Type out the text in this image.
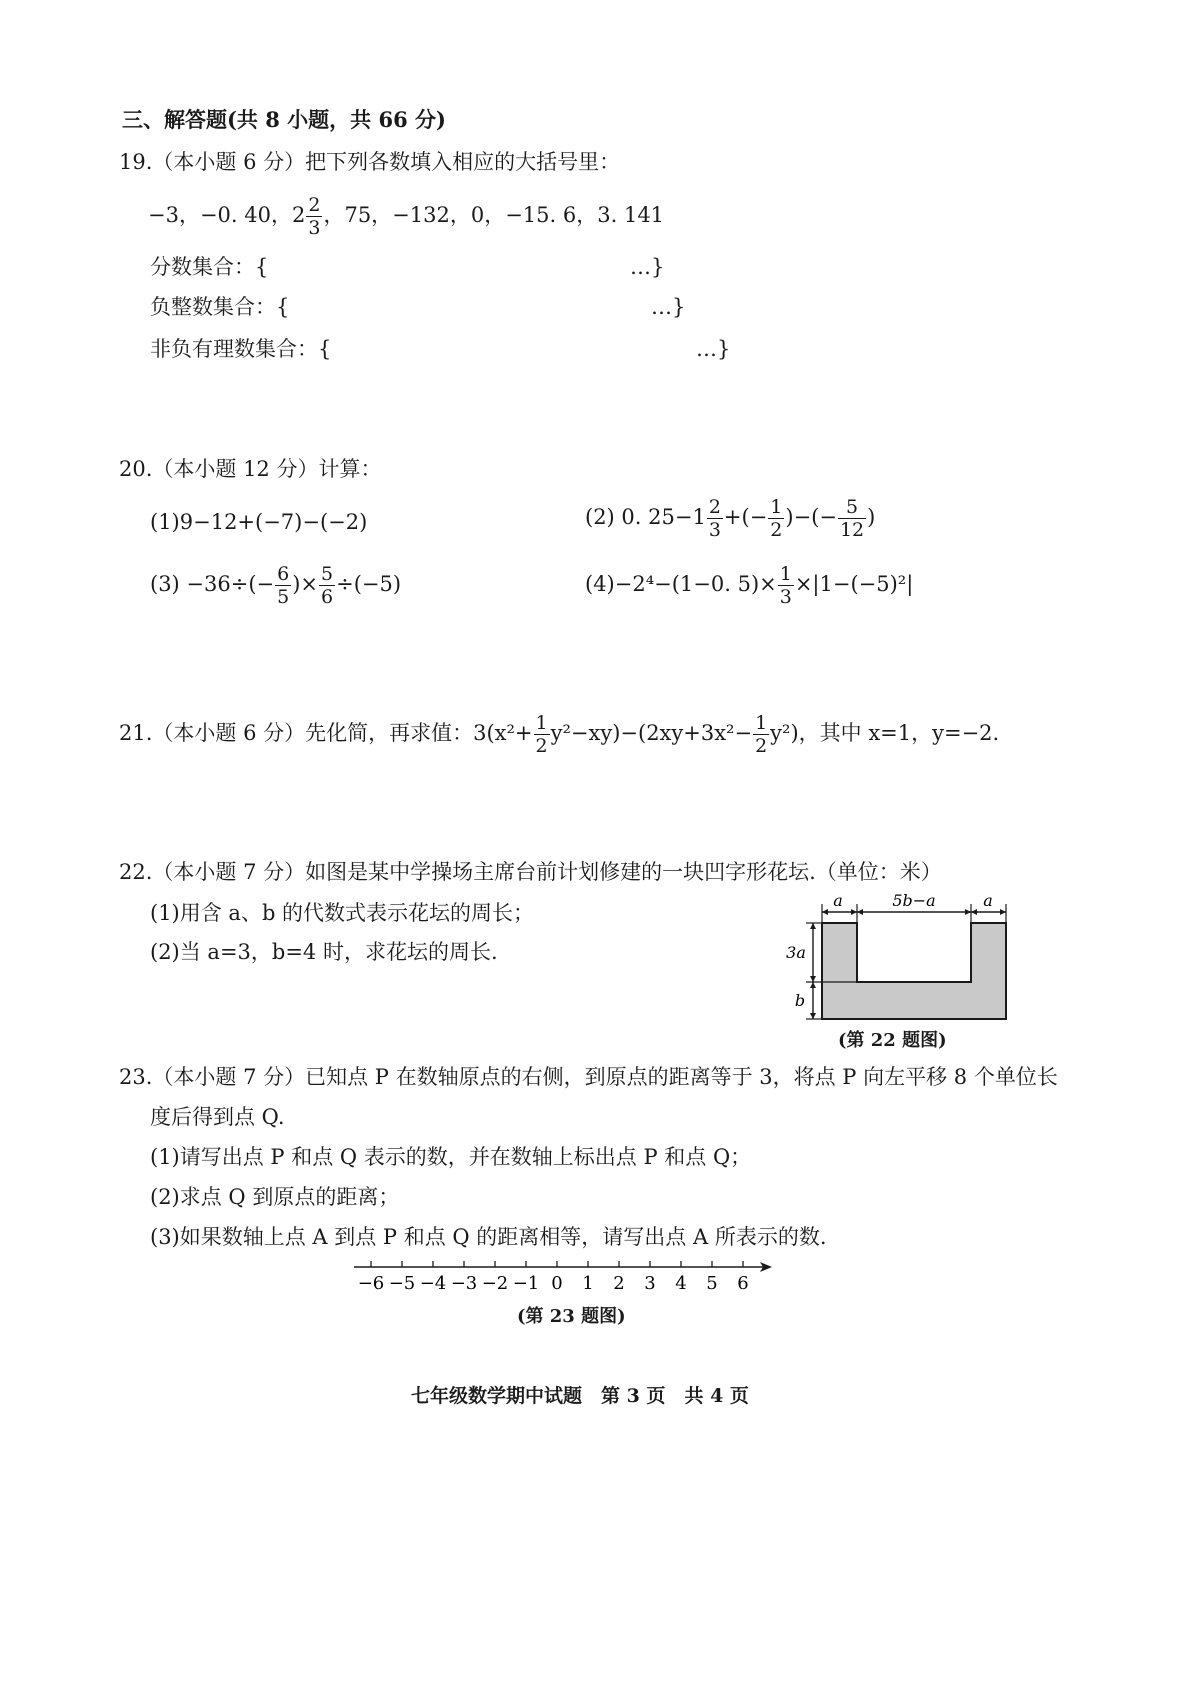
三、解答题(共 8 小题，共 66 分)
19.（本小题 6 分）把下列各数填入相应的大括号里：
−3，−0. 40，$2 \frac{2}{3}$ ，75，−132，0，−15. 6，3. 141
分数集合：{	…}
负整数集合：{	…}
非负有理数集合：{	…}
20.（本小题 12 分）计算：
(1)9−12+(−7)−(−2)	(2) 0. $25-1 \frac{2}{3}$ +(− $\frac{1}{2}$ )−(− $\frac{5}{12}$ )
$(3) -36\div(- \frac{6}{5}$ )× $\frac{5}{6} \div(-5)$	(4)−2⁴−(1−0. $5)\times \frac{1}{3} \times|1-(-5)^2|$
21.（本小题 6 分）先化简，再求值：$3(x^2+ \frac{1}{2} y^2-xy)-(2xy+3x^2- \frac{1}{2} y^2)$，其中 x=1，y=−2.
22.（本小题 7 分）如图是某中学操场主席台前计划修建的一块凹字形花坛.（单位：米）
(1)用含 a、b 的代数式表示花坛的周长；
(2)当 a=3，b=4 时，求花坛的周长.
a	5b−a	a
3a
b
(第 22 题图)
23.（本小题 7 分）已知点 P 在数轴原点的右侧，到原点的距离等于 3，将点 P 向左平移 8 个单位长
度后得到点 Q.
(1)请写出点 P 和点 Q 表示的数，并在数轴上标出点 P 和点 Q；
(2)求点 Q 到原点的距离；
(3)如果数轴上点 A 到点 P 和点 Q 的距离相等，请写出点 A 所表示的数.
−6 −5 −4 −3 −2 −1 0 1 2 3 4 5 6
(第 23 题图)
七年级数学期中试题　第 3 页　共 4 页
